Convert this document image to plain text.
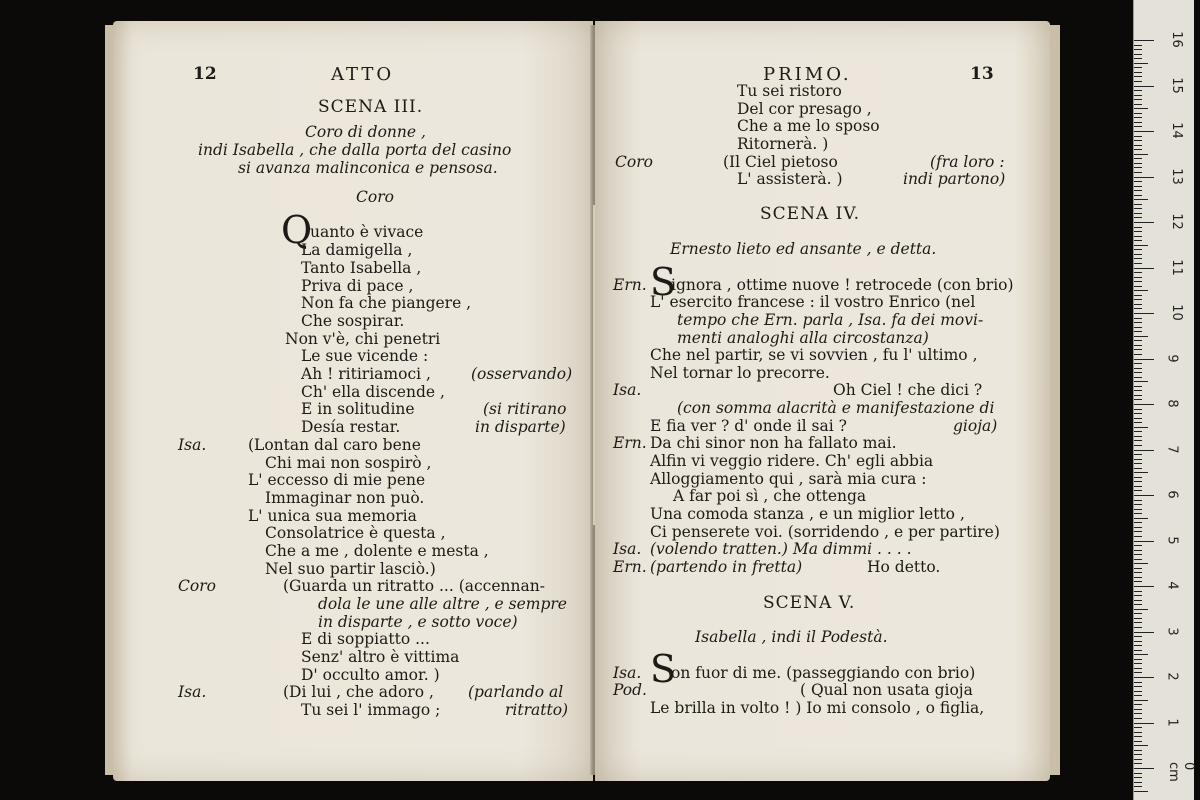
12	ATTO
SCENA III.
Coro di donne ,
indi Isabella , che dalla porta del casino
si avanza malinconica e pensosa.
Coro
Q
uanto è vivace
La damigella ,
Tanto Isabella ,
Priva di pace ,
Non fa che piangere ,
Che sospirar.
Non v'è, chi penetri
Le sue vicende :
Ah ! ritiriamoci ,	(osservando)
Ch' ella discende ,
E in solitudine	(si ritirano
Desía restar.	in disparte)
Isa.	(Lontan dal caro bene
Chi mai non sospirò ,
L' eccesso di mie pene
Immaginar non può.
L' unica sua memoria
Consolatrice è questa ,
Che a me , dolente e mesta ,
Nel suo partir lasciò.)
Coro	(Guarda un ritratto ... (accennan-
dola le une alle altre , e sempre
in disparte , e sotto voce)
E di soppiatto ...
Senz' altro è vittima
D' occulto amor. )
Isa.	(Di lui , che adoro , (parlando al
Tu sei l' immago ;	ritratto)
PRIMO.	13
Tu sei ristoro
Del cor presago ,
Che a me lo sposo
Ritornerà. )
Coro	(Il Ciel pietoso	(fra loro :
L' assisterà. )	indi partono)
SCENA IV.
Ernesto lieto ed ansante , e detta.
Ern. S
ignora , ottime nuove ! retrocede (con brio)
L' esercito francese : il vostro Enrico (nel
tempo che Ern. parla , Isa. fa dei movi-
menti analoghi alla circostanza)
Che nel partir, se vi sovvien , fu l' ultimo ,
Nel tornar lo precorre.
Isa.	Oh Ciel ! che dici ?
(con somma alacrità e manifestazione di
E fia ver ? d' onde il sai ?	gioja)
Ern. Da chi sinor non ha fallato mai.
Alfin vi veggio ridere. Ch' egli abbia
Alloggiamento qui , sarà mia cura :
A far poi sì , che ottenga
Una comoda stanza , e un miglior letto ,
Ci penserete voi. (sorridendo , e per partire)
Isa. (volendo tratten.) Ma dimmi . . . .
Ern. (partendo in fretta)	Ho detto.
SCENA V.
Isabella , indi il Podestà.
Isa. S
on fuor di me. (passeggiando con brio)
Pod.	( Qual non usata gioja
Le brilla in volto ! ) Io mi consolo , o figlia,
16
15
14
13
12
11
10
9
8
7
6
5
4
3
2
1
0 cm
